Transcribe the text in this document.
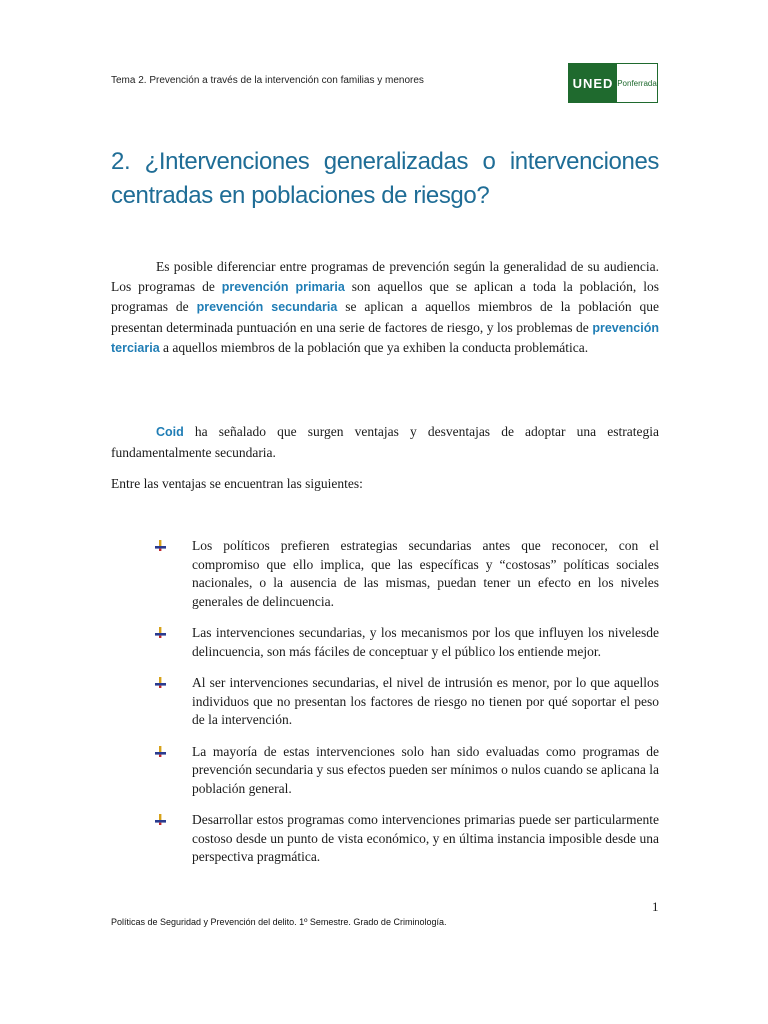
Tema 2. Prevención a través de la intervención con familias y menores	UNED Ponferrada
2. ¿Intervenciones generalizadas o intervenciones centradas en poblaciones de riesgo?

Es posible diferenciar entre programas de prevención según la generalidad de su audiencia. Los programas de prevención primaria son aquellos que se aplican a toda la población, los programas de prevención secundaria se aplican a aquellos miembros de la población que presentan determinada puntuación en una serie de factores de riesgo, y los problemas de prevención terciaria a aquellos miembros de la población que ya exhiben la conducta problemática.

Coid ha señalado que surgen ventajas y desventajas de adoptar una estrategia fundamentalmente secundaria.

Entre las ventajas se encuentran las siguientes:

Los políticos prefieren estrategias secundarias antes que reconocer, con el compromiso que ello implica, que las específicas y “costosas” políticas sociales nacionales, o la ausencia de las mismas, puedan tener un efecto en los niveles generales de delincuencia.

Las intervenciones secundarias, y los mecanismos por los que influyen los nivelesde delincuencia, son más fáciles de conceptuar y el público los entiende mejor.

Al ser intervenciones secundarias, el nivel de intrusión es menor, por lo que aquellos individuos que no presentan los factores de riesgo no tienen por qué soportar el peso de la intervención.

La mayoría de estas intervenciones solo han sido evaluadas como programas de prevención secundaria y sus efectos pueden ser mínimos o nulos cuando se aplicana la población general.

Desarrollar estos programas como intervenciones primarias puede ser particularmente costoso desde un punto de vista económico, y en última instancia imposible desde una perspectiva pragmática.

1
Políticas de Seguridad y Prevención del delito. 1º Semestre. Grado de Criminología.
